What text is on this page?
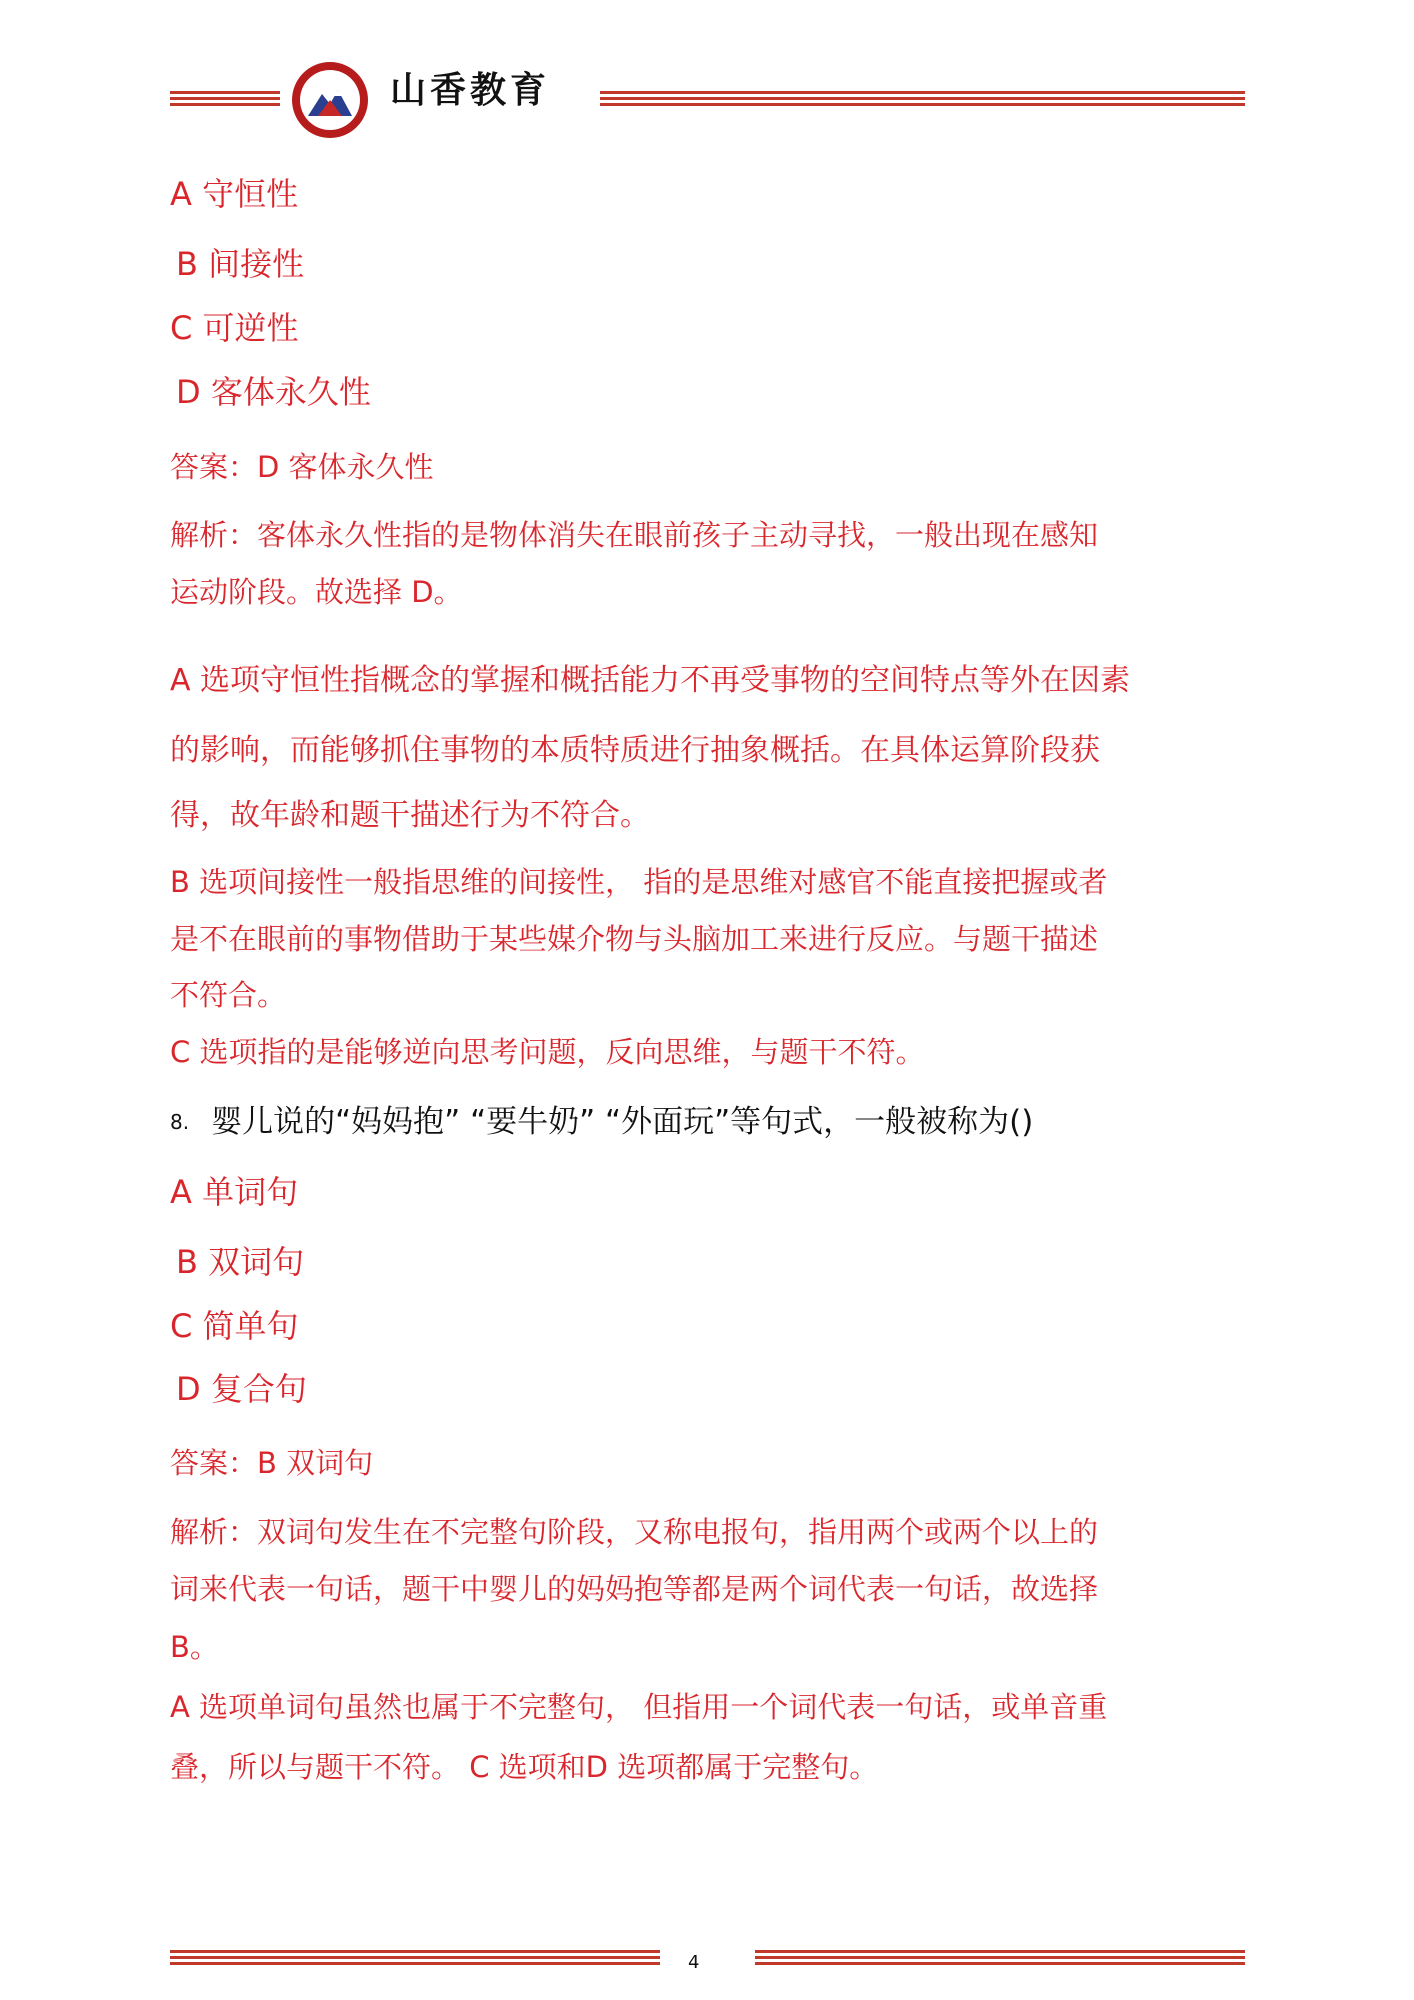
山香教育

A 守恒性

B 间接性

C 可逆性

D 客体永久性

答案：D 客体永久性

解析：客体永久性指的是物体消失在眼前孩子主动寻找，一般出现在感知

运动阶段。故选择 D。

A 选项守恒性指概念的掌握和概括能力不再受事物的空间特点等外在因素

的影响，而能够抓住事物的本质特质进行抽象概括。在具体运算阶段获

得，故年龄和题干描述行为不符合。

B 选项间接性一般指思维的间接性， 指的是思维对感官不能直接把握或者

是不在眼前的事物借助于某些媒介物与头脑加工来进行反应。与题干描述

不符合。

C 选项指的是能够逆向思考问题，反向思维，与题干不符。

8. 婴儿说的“妈妈抱” “要牛奶” “外面玩”等句式，一般被称为()

A 单词句

B 双词句

C 简单句

D 复合句

答案：B 双词句

解析：双词句发生在不完整句阶段，又称电报句，指用两个或两个以上的

词来代表一句话，题干中婴儿的妈妈抱等都是两个词代表一句话，故选择

B。

A 选项单词句虽然也属于不完整句， 但指用一个词代表一句话，或单音重

叠，所以与题干不符。 C 选项和D 选项都属于完整句。

4
